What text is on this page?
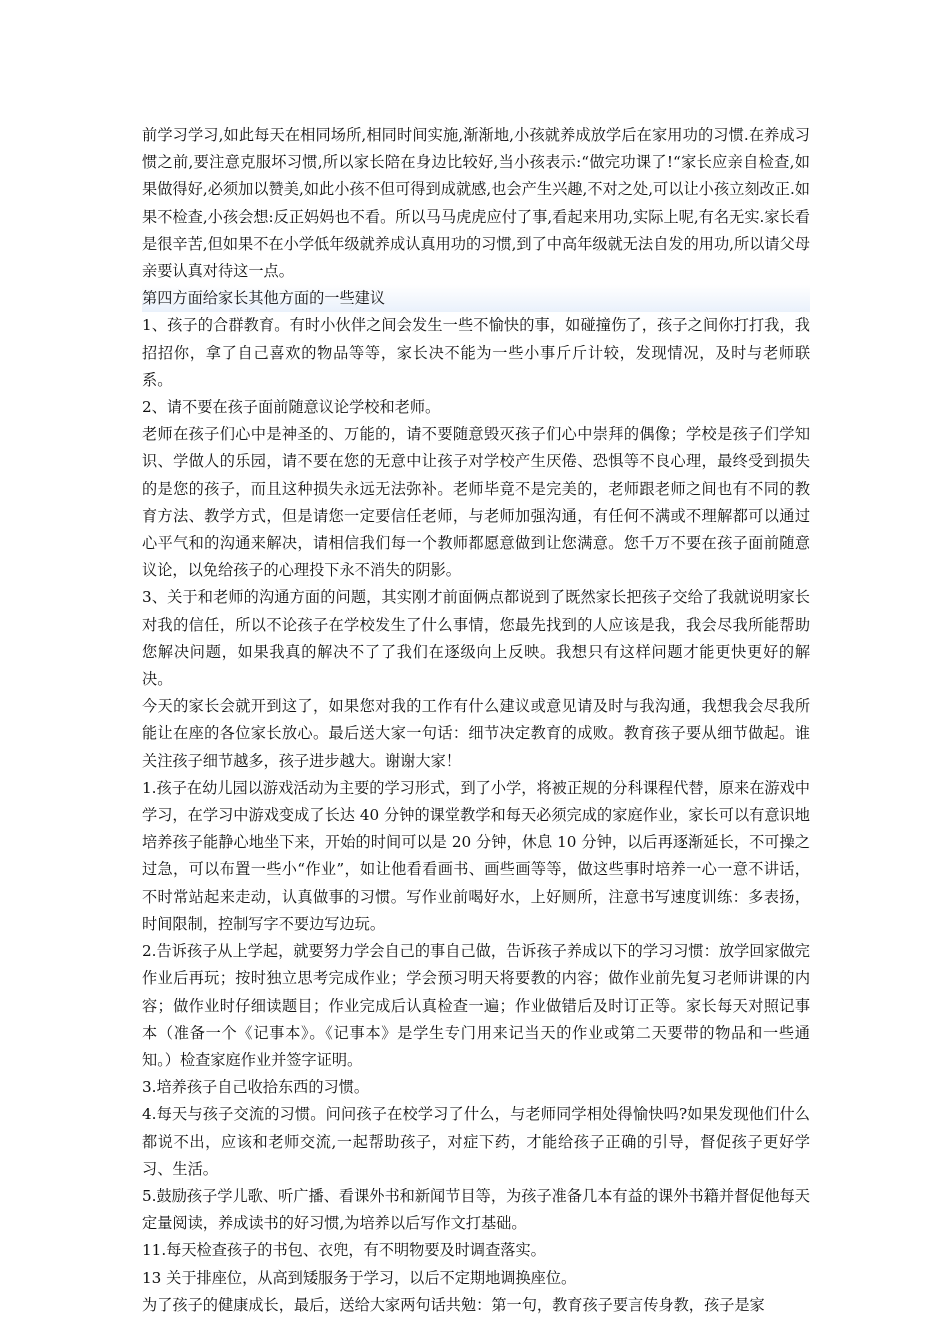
前学习学习,如此每天在相同场所,相同时间实施,渐渐地,小孩就养成放学后在家用功的习惯.在养成习惯之前,要注意克服坏习惯,所以家长陪在身边比较好,当小孩表示:“做完功课了!“家长应亲自检查,如果做得好,必须加以赞美,如此小孩不但可得到成就感,也会产生兴趣,不对之处,可以让小孩立刻改正.如果不检查,小孩会想:反正妈妈也不看。所以马马虎虎应付了事,看起来用功,实际上呢,有名无实.家长看是很辛苦,但如果不在小学低年级就养成认真用功的习惯,到了中高年级就无法自发的用功,所以请父母亲要认真对待这一点。

第四方面给家长其他方面的一些建议

1、孩子的合群教育。有时小伙伴之间会发生一些不愉快的事，如碰撞伤了，孩子之间你打打我，我招招你，拿了自己喜欢的物品等等，家长决不能为一些小事斤斤计较，发现情况，及时与老师联系。

2、请不要在孩子面前随意议论学校和老师。

老师在孩子们心中是神圣的、万能的，请不要随意毁灭孩子们心中崇拜的偶像；学校是孩子们学知识、学做人的乐园，请不要在您的无意中让孩子对学校产生厌倦、恐惧等不良心理，最终受到损失的是您的孩子，而且这种损失永远无法弥补。老师毕竟不是完美的，老师跟老师之间也有不同的教育方法、教学方式，但是请您一定要信任老师，与老师加强沟通，有任何不满或不理解都可以通过心平气和的沟通来解决，请相信我们每一个教师都愿意做到让您满意。您千万不要在孩子面前随意议论，以免给孩子的心理投下永不消失的阴影。

3、关于和老师的沟通方面的问题，其实刚才前面俩点都说到了既然家长把孩子交给了我就说明家长对我的信任，所以不论孩子在学校发生了什么事情，您最先找到的人应该是我，我会尽我所能帮助您解决问题，如果我真的解决不了了我们在逐级向上反映。我想只有这样问题才能更快更好的解决。

今天的家长会就开到这了，如果您对我的工作有什么建议或意见请及时与我沟通，我想我会尽我所能让在座的各位家长放心。最后送大家一句话：细节决定教育的成败。教育孩子要从细节做起。谁关注孩子细节越多，孩子进步越大。谢谢大家！

1.孩子在幼儿园以游戏活动为主要的学习形式，到了小学，将被正规的分科课程代替，原来在游戏中学习，在学习中游戏变成了长达 40 分钟的课堂教学和每天必须完成的家庭作业，家长可以有意识地培养孩子能静心地坐下来，开始的时间可以是 20 分钟，休息 10 分钟，以后再逐渐延长，不可操之过急，可以布置一些小“作业”，如让他看看画书、画些画等等，做这些事时培养一心一意不讲话，不时常站起来走动，认真做事的习惯。写作业前喝好水，上好厕所，注意书写速度训练：多表扬，时间限制，控制写字不要边写边玩。

2.告诉孩子从上学起，就要努力学会自己的事自己做，告诉孩子养成以下的学习习惯：放学回家做完作业后再玩；按时独立思考完成作业；学会预习明天将要教的内容；做作业前先复习老师讲课的内容；做作业时仔细读题目；作业完成后认真检查一遍；作业做错后及时订正等。家长每天对照记事本（准备一个《记事本》。《记事本》是学生专门用来记当天的作业或第二天要带的物品和一些通知。）检查家庭作业并签字证明。

3.培养孩子自己收拾东西的习惯。

4.每天与孩子交流的习惯。问问孩子在校学习了什么，与老师同学相处得愉快吗?如果发现他们什么都说不出，应该和老师交流,一起帮助孩子，对症下药，才能给孩子正确的引导，督促孩子更好学习、生活。

5.鼓励孩子学儿歌、听广播、看课外书和新闻节目等，为孩子准备几本有益的课外书籍并督促他每天定量阅读，养成读书的好习惯,为培养以后写作文打基础。

11.每天检查孩子的书包、衣兜，有不明物要及时调查落实。

13 关于排座位，从高到矮服务于学习，以后不定期地调换座位。

为了孩子的健康成长，最后，送给大家两句话共勉：第一句，教育孩子要言传身教，孩子是家
